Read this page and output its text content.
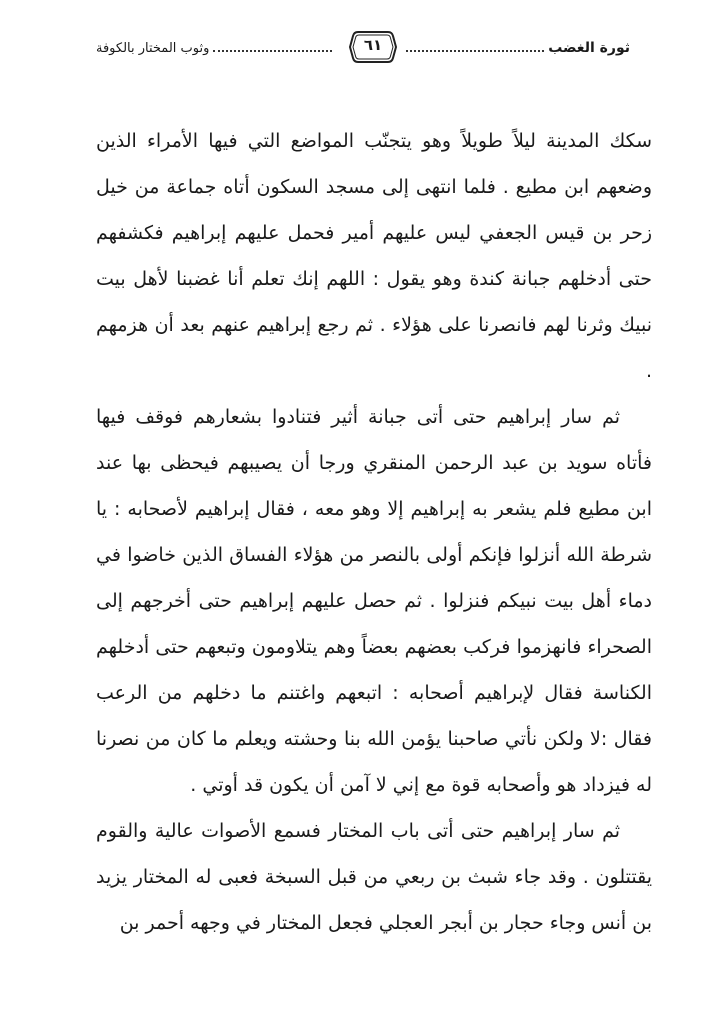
وثوب المختار بالكوفة	٦١	ثورة الغضب

سكك المدينة ليلاً طويلاً وهو يتجنّب المواضع التي فيها الأمراء الذين وضعهم ابن مطيع . فلما انتهى إلى مسجد السكون أتاه جماعة من خيل زحر بن قيس الجعفي ليس عليهم أمير فحمل عليهم إبراهيم فكشفهم حتى أدخلهم جبانة كندة وهو يقول : اللهم إنك تعلم أنا غضبنا لأهل بيت نبيك وثرنا لهم فانصرنا على هؤلاء . ثم رجع إبراهيم عنهم بعد أن هزمهم .

ثم سار إبراهيم حتى أتى جبانة أثير فتنادوا بشعارهم فوقف فيها فأتاه سويد بن عبد الرحمن المنقري ورجا أن يصيبهم فيحظى بها عند ابن مطيع فلم يشعر به إبراهيم إلا وهو معه ، فقال إبراهيم لأصحابه : يا شرطة الله أنزلوا فإنكم أولى بالنصر من هؤلاء الفساق الذين خاضوا في دماء أهل بيت نبيكم فنزلوا . ثم حصل عليهم إبراهيم حتى أخرجهم إلى الصحراء فانهزموا فركب بعضهم بعضاً وهم يتلاومون وتبعهم حتى أدخلهم الكناسة فقال لإبراهيم أصحابه : اتبعهم واغتنم ما دخلهم من الرعب فقال :لا ولكن نأتي صاحبنا يؤمن الله بنا وحشته ويعلم ما كان من نصرنا له فيزداد هو وأصحابه قوة مع إني لا آمن أن يكون قد أوتي .

ثم سار إبراهيم حتى أتى باب المختار فسمع الأصوات عالية والقوم يقتتلون . وقد جاء شبث بن ربعي من قبل السبخة فعبى له المختار يزيد بن أنس وجاء حجار بن أبجر العجلي فجعل المختار في وجهه أحمر بن
